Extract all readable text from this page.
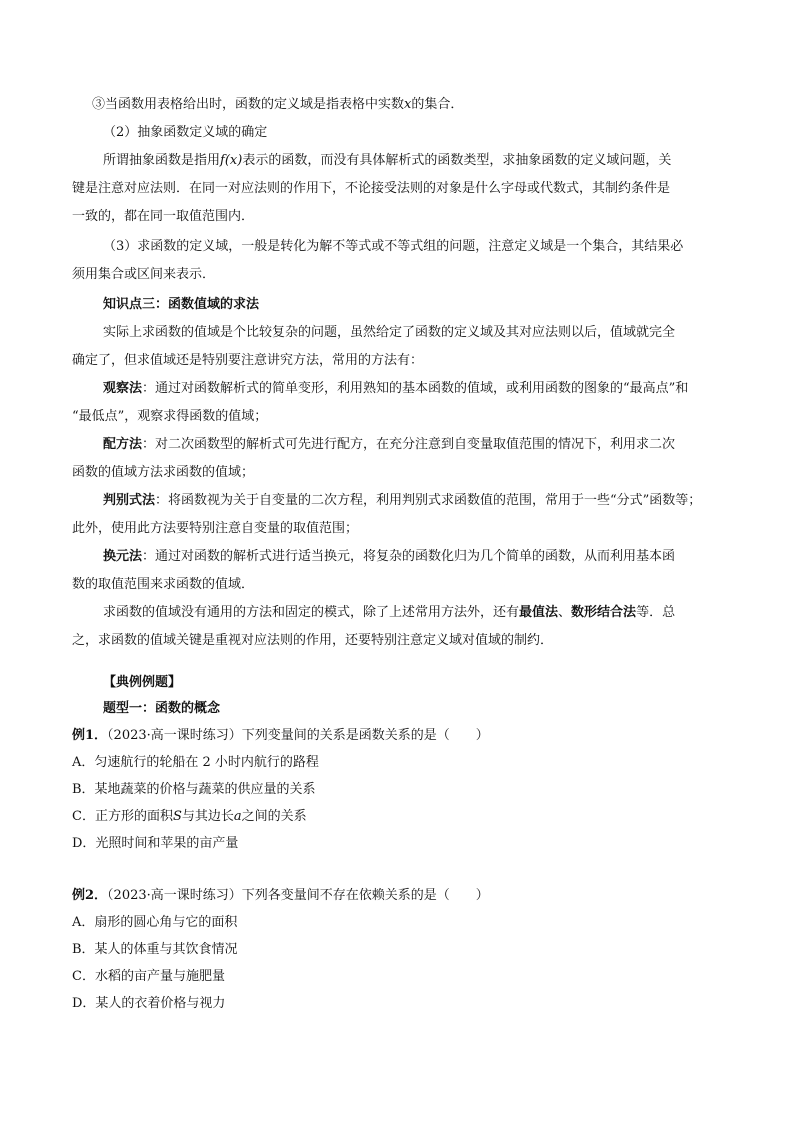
③当函数用表格给出时，函数的定义域是指表格中实数x的集合．
（2）抽象函数定义域的确定
所谓抽象函数是指用f(x)表示的函数，而没有具体解析式的函数类型，求抽象函数的定义域问题，关
键是注意对应法则．在同一对应法则的作用下，不论接受法则的对象是什么字母或代数式，其制约条件是
一致的，都在同一取值范围内．
（3）求函数的定义域，一般是转化为解不等式或不等式组的问题，注意定义域是一个集合，其结果必
须用集合或区间来表示．
知识点三：函数值域的求法
实际上求函数的值域是个比较复杂的问题，虽然给定了函数的定义域及其对应法则以后，值域就完全
确定了，但求值域还是特别要注意讲究方法，常用的方法有：
观察法：通过对函数解析式的简单变形，利用熟知的基本函数的值域，或利用函数的图象的“最高点”和
“最低点”，观察求得函数的值域；
配方法：对二次函数型的解析式可先进行配方，在充分注意到自变量取值范围的情况下，利用求二次
函数的值域方法求函数的值域；
判别式法：将函数视为关于自变量的二次方程，利用判别式求函数值的范围，常用于一些“分式”函数等；
此外，使用此方法要特别注意自变量的取值范围；
换元法：通过对函数的解析式进行适当换元，将复杂的函数化归为几个简单的函数，从而利用基本函
数的取值范围来求函数的值域．
求函数的值域没有通用的方法和固定的模式，除了上述常用方法外，还有最值法、数形结合法等．总
之，求函数的值域关键是重视对应法则的作用，还要特别注意定义域对值域的制约．
【典例例题】
题型一：函数的概念
例1．（2023·高一课时练习）下列变量间的关系是函数关系的是（　　）
A．匀速航行的轮船在 2 小时内航行的路程
B．某地蔬菜的价格与蔬菜的供应量的关系
C．正方形的面积S与其边长a之间的关系
D．光照时间和苹果的亩产量
例2．（2023·高一课时练习）下列各变量间不存在依赖关系的是（　　）
A．扇形的圆心角与它的面积
B．某人的体重与其饮食情况
C．水稻的亩产量与施肥量
D．某人的衣着价格与视力
